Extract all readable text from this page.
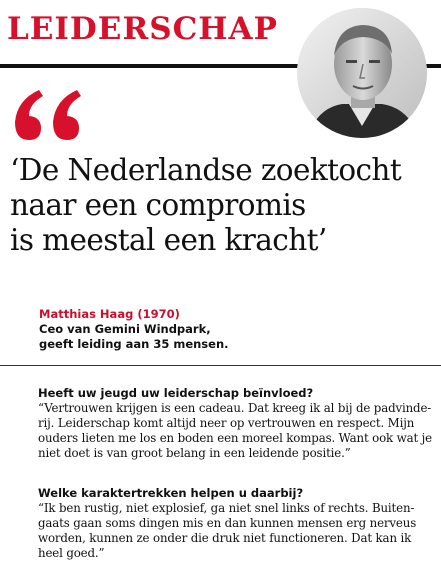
LEIDERSCHAP
‘De Nederlandse zoektocht
naar een compromis
is meestal een kracht’
Matthias Haag (1970)
Ceo van Gemini Windpark,
geeft leiding aan 35 mensen.
Heeft uw jeugd uw leiderschap beïnvloed?
“Vertrouwen krijgen is een cadeau. Dat kreeg ik al bij de padvinde-
rij. Leiderschap komt altijd neer op vertrouwen en respect. Mijn
ouders lieten me los en boden een moreel kompas. Want ook wat je
niet doet is van groot belang in een leidende positie.”
Welke karaktertrekken helpen u daarbij?
“Ik ben rustig, niet explosief, ga niet snel links of rechts. Buiten-
gaats gaan soms dingen mis en dan kunnen mensen erg nerveus
worden, kunnen ze onder die druk niet functioneren. Dat kan ik
heel goed.”
